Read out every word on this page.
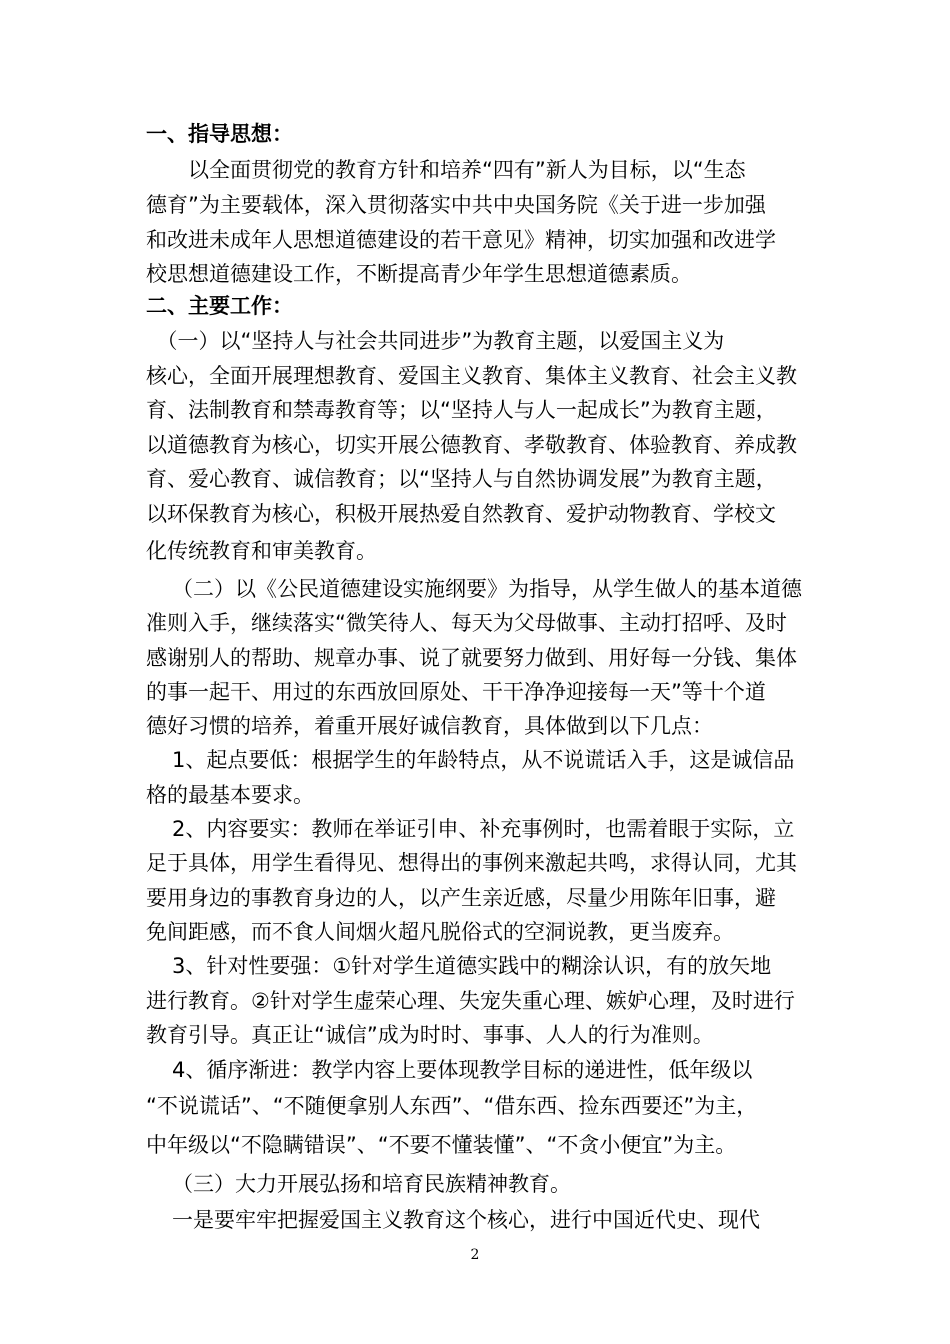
一、指导思想：
　　以全面贯彻党的教育方针和培养“四有”新人为目标，以“生态
德育”为主要载体，深入贯彻落实中共中央国务院《关于进一步加强
和改进未成年人思想道德建设的若干意见》精神，切实加强和改进学
校思想道德建设工作，不断提高青少年学生思想道德素质。
二、主要工作：
　（一）以“坚持人与社会共同进步”为教育主题，以爱国主义为
核心，全面开展理想教育、爱国主义教育、集体主义教育、社会主义教
育、法制教育和禁毒教育等；以“坚持人与人一起成长”为教育主题，
以道德教育为核心，切实开展公德教育、孝敬教育、体验教育、养成教
育、爱心教育、诚信教育；以“坚持人与自然协调发展”为教育主题，
以环保教育为核心，积极开展热爱自然教育、爱护动物教育、学校文
化传统教育和审美教育。
（二）以《公民道德建设实施纲要》为指导，从学生做人的基本道德
准则入手，继续落实“微笑待人、每天为父母做事、主动打招呼、及时
感谢别人的帮助、规章办事、说了就要努力做到、用好每一分钱、集体
的事一起干、用过的东西放回原处、干干净净迎接每一天”等十个道
德好习惯的培养，着重开展好诚信教育，具体做到以下几点：
1、起点要低：根据学生的年龄特点，从不说谎话入手，这是诚信品
格的最基本要求。
2、内容要实：教师在举证引申、补充事例时，也需着眼于实际，立
足于具体，用学生看得见、想得出的事例来激起共鸣，求得认同，尤其
要用身边的事教育身边的人，以产生亲近感，尽量少用陈年旧事，避
免间距感，而不食人间烟火超凡脱俗式的空洞说教，更当废弃。
3、针对性要强：①针对学生道德实践中的糊涂认识，有的放矢地
进行教育。②针对学生虚荣心理、失宠失重心理、嫉妒心理，及时进行
教育引导。真正让“诚信”成为时时、事事、人人的行为准则。
4、循序渐进：教学内容上要体现教学目标的递进性，低年级以
“不说谎话”、“不随便拿别人东西”、“借东西、捡东西要还”为主，
中年级以“不隐瞒错误”、“不要不懂装懂”、“不贪小便宜”为主。
（三）大力开展弘扬和培育民族精神教育。
一是要牢牢把握爱国主义教育这个核心，进行中国近代史、现代
2
